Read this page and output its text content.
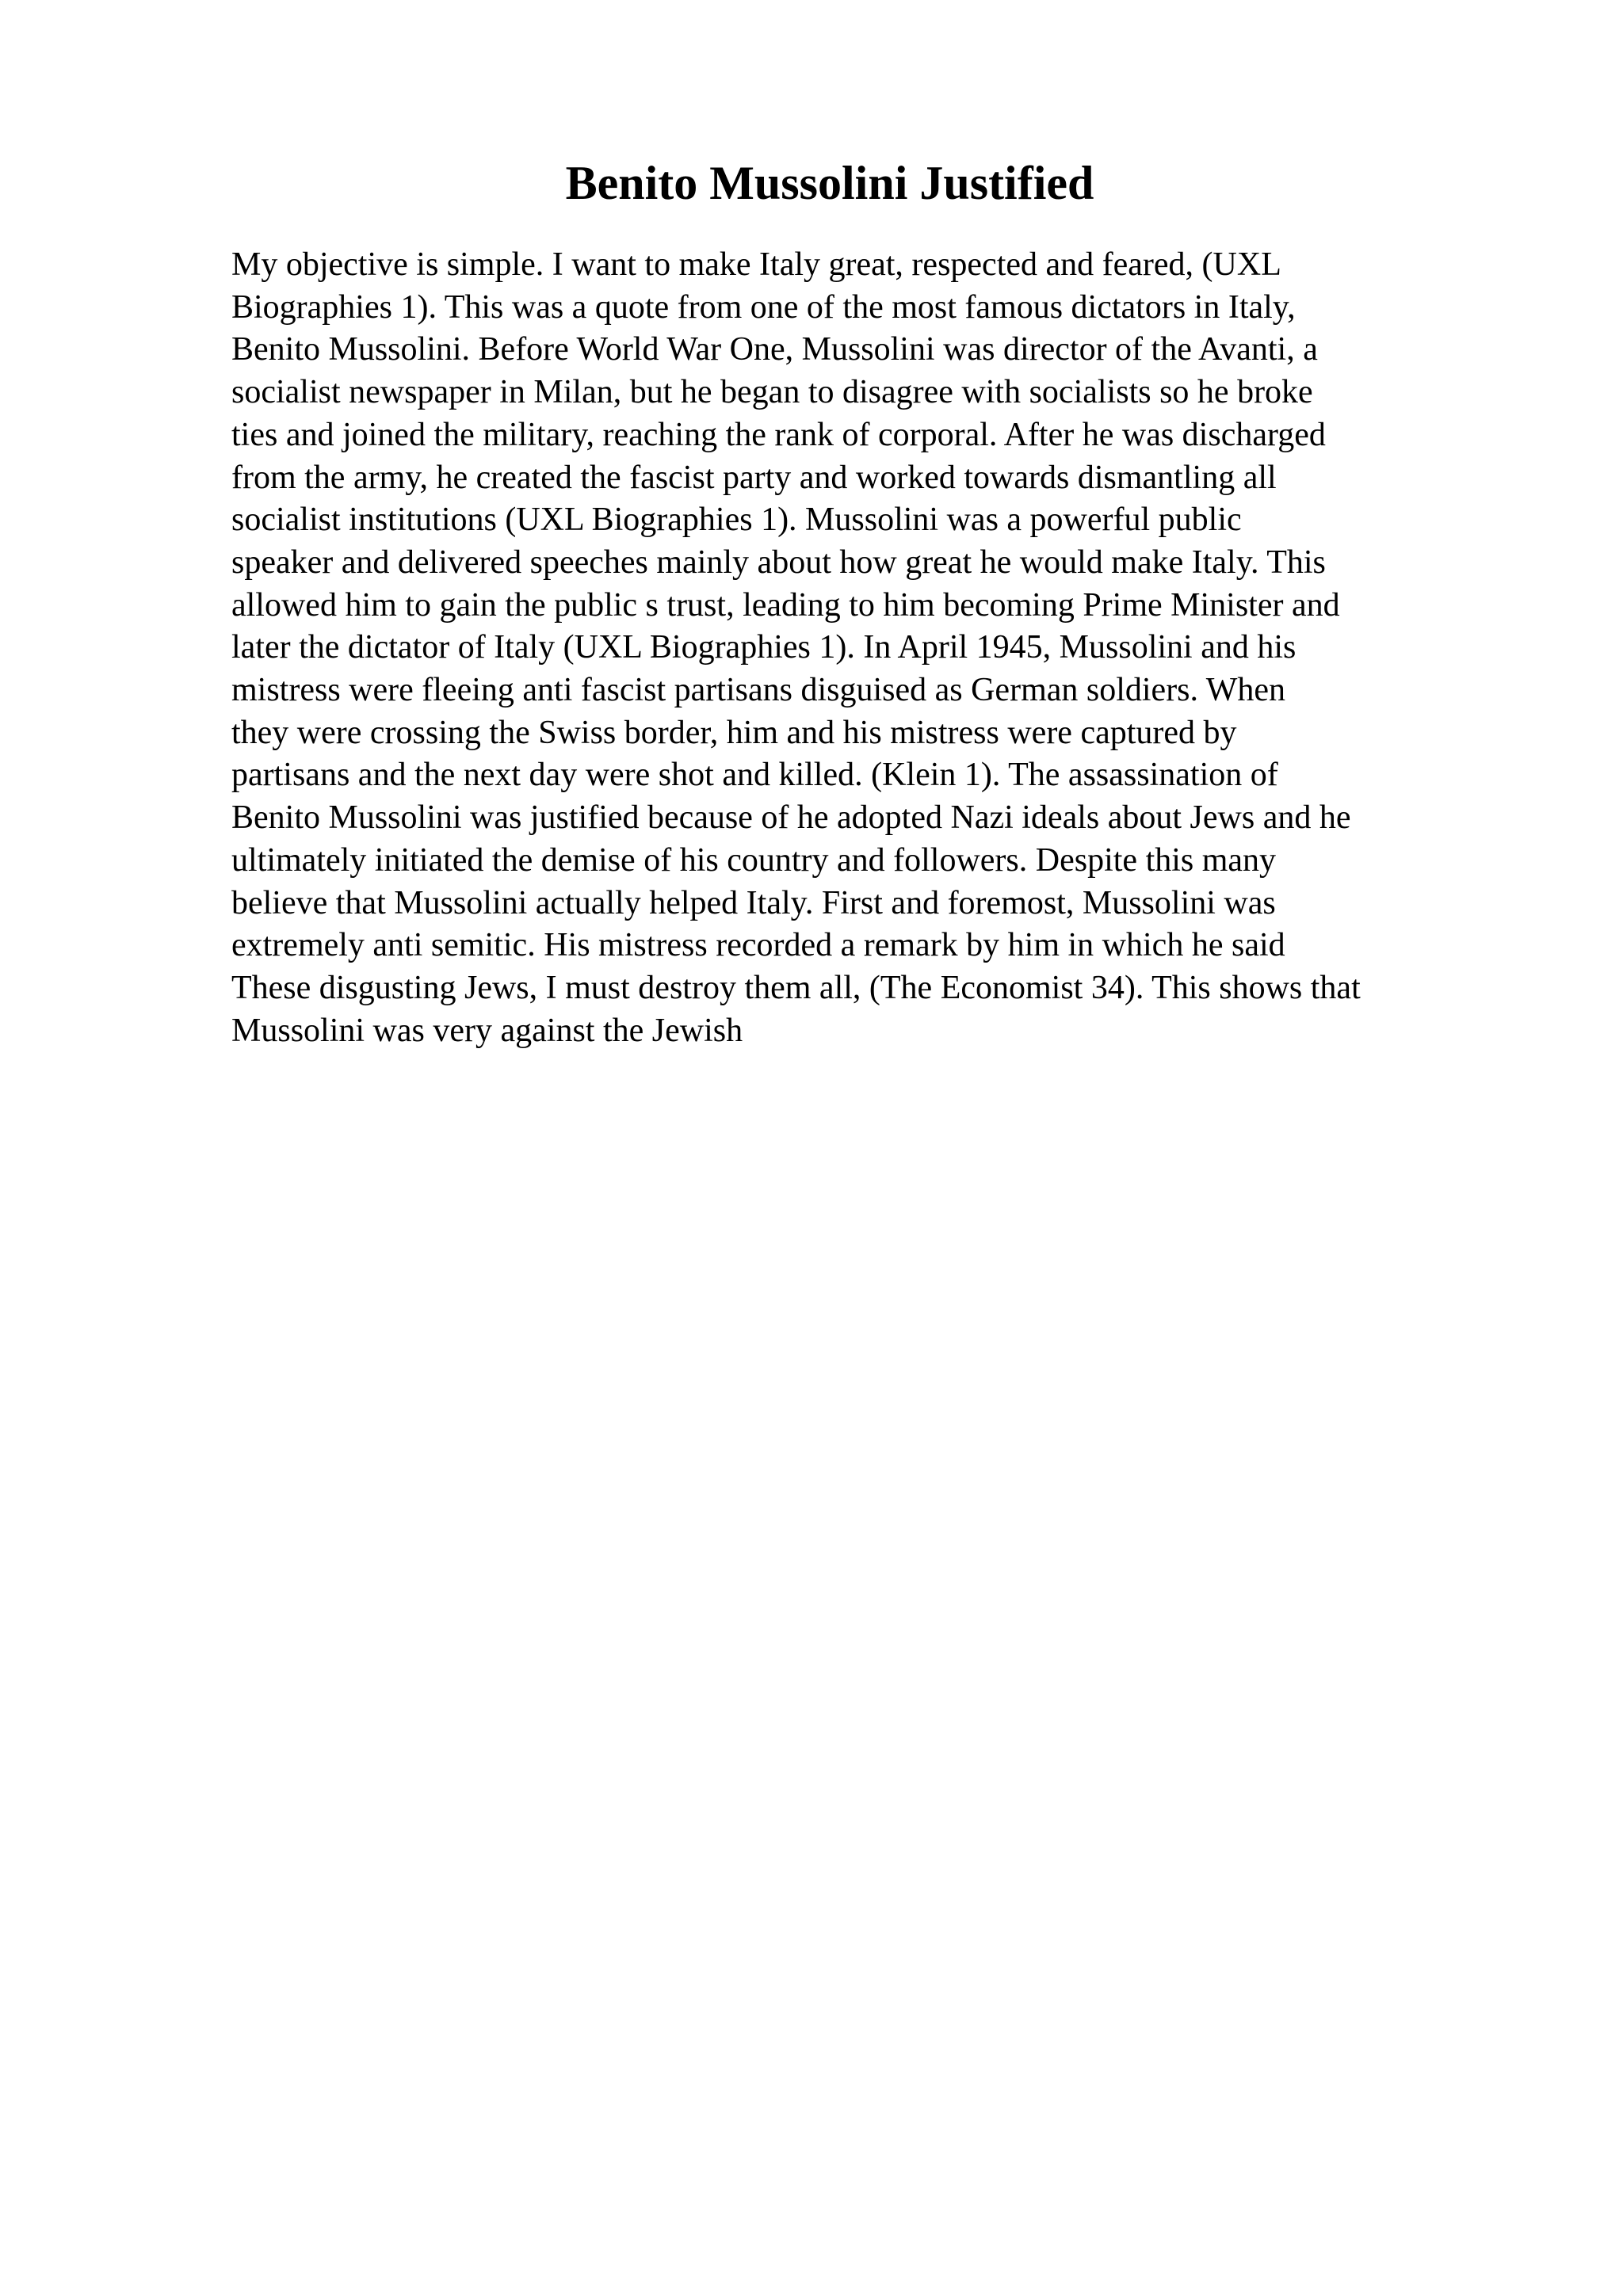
Benito Mussolini Justified
My objective is simple. I want to make Italy great, respected and feared, (UXL
Biographies 1). This was a quote from one of the most famous dictators in Italy,
Benito Mussolini. Before World War One, Mussolini was director of the Avanti, a
socialist newspaper in Milan, but he began to disagree with socialists so he broke
ties and joined the military, reaching the rank of corporal. After he was discharged
from the army, he created the fascist party and worked towards dismantling all
socialist institutions (UXL Biographies 1). Mussolini was a powerful public
speaker and delivered speeches mainly about how great he would make Italy. This
allowed him to gain the public s trust, leading to him becoming Prime Minister and
later the dictator of Italy (UXL Biographies 1). In April 1945, Mussolini and his
mistress were fleeing anti fascist partisans disguised as German soldiers. When
they were crossing the Swiss border, him and his mistress were captured by
partisans and the next day were shot and killed. (Klein 1). The assassination of
Benito Mussolini was justified because of he adopted Nazi ideals about Jews and he
ultimately initiated the demise of his country and followers. Despite this many
believe that Mussolini actually helped Italy. First and foremost, Mussolini was
extremely anti semitic. His mistress recorded a remark by him in which he said
These disgusting Jews, I must destroy them all, (The Economist 34). This shows that
Mussolini was very against the Jewish
